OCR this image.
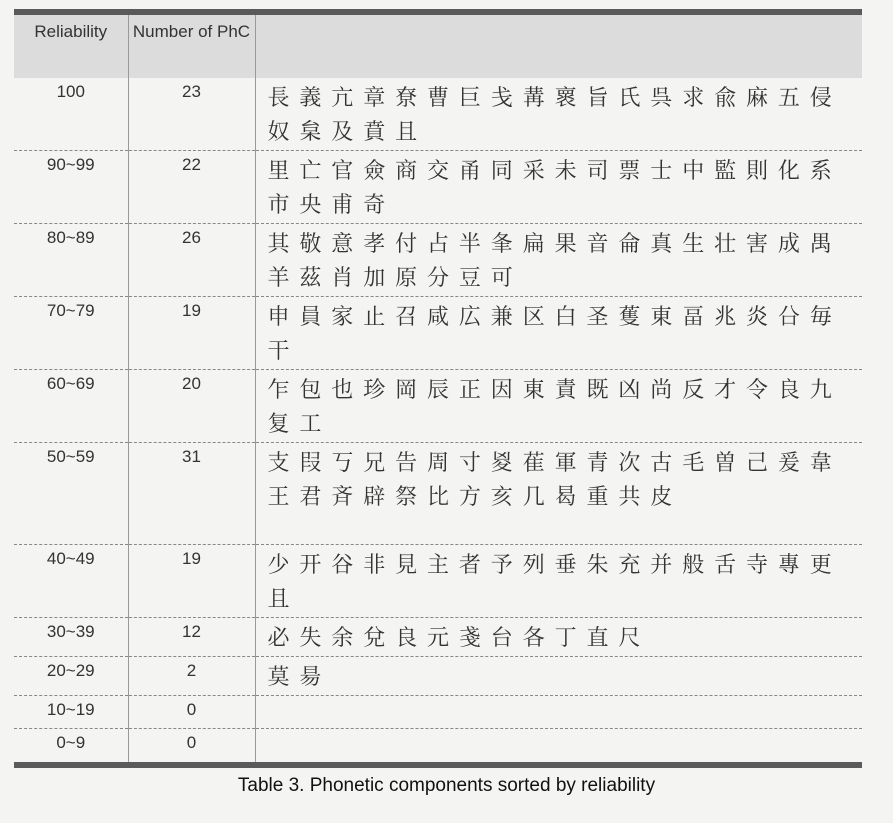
Reliability	Number of PhC	
100	23	長義亢章尞曹巨戋冓褱旨氏呉求兪麻五侵奴枲及賁且
90~99	22	里亡官僉商交甬同采未司票士中監則化系市央甫奇
80~89	26	其敬意孝付占半夆扁果音侖真生壮害成禺羊茲肖加原分豆可
70~79	19	申員家止召咸広兼区白圣蒦東畐兆炎㕣毎干
60~69	20	乍包也珍岡辰正因東責既凶尚反才令良九复工
50~59	31	支叚丂兄告周寸㚇萑軍青次古毛曽己爰韋王君斉辟祭比方亥几曷重共皮
40~49	19	少开谷非見主者予列垂朱充并般舌寺專更且
30~39	12	必失余兌良元戔台各丁直尺
20~29	2	莫昜
10~19	0	
0~9	0	
Table 3. Phonetic components sorted by reliability
